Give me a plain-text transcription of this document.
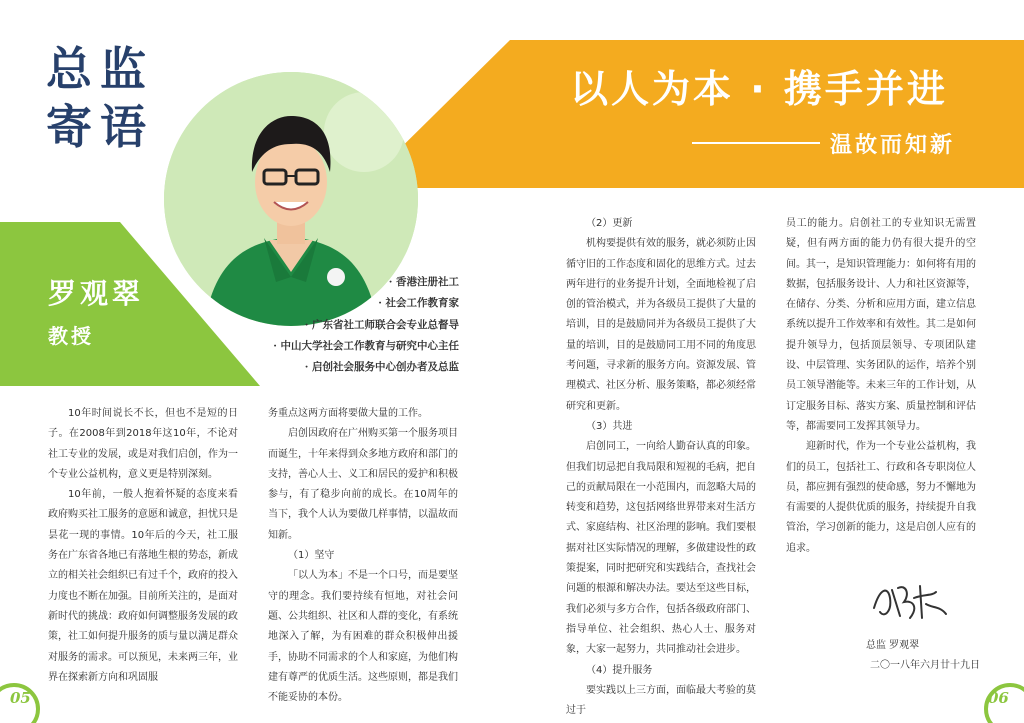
以人为本 · 携手并进
温故而知新
总监
寄语
罗观翠
教授
· 香港注册社工
· 社会工作教育家
· 广东省社工师联合会专业总督导
· 中山大学社会工作教育与研究中心主任
· 启创社会服务中心创办者及总监

10年时间说长不长，但也不是短的日子。在2008年到2018年这10年，不论对社工专业的发展，或是对我们启创，作为一个专业公益机构，意义更是特别深刻。

10年前，一般人抱着怀疑的态度来看政府购买社工服务的意愿和诚意，担忧只是昙花一现的事情。10年后的今天，社工服务在广东省各地已有落地生根的势态，新成立的相关社会组织已有过千个，政府的投入力度也不断在加强。目前所关注的，是面对新时代的挑战：政府如何调整服务发展的政策，社工如何提升服务的质与量以满足群众对服务的需求。可以预见，未来两三年，业界在探索新方向和巩固服

务重点这两方面将要做大量的工作。

启创因政府在广州购买第一个服务项目而诞生，十年来得到众多地方政府和部门的支持，善心人士、义工和居民的爱护和积极参与，有了稳步向前的成长。在10周年的当下，我个人认为要做几样事情，以温故而知新。

（1）坚守

「以人为本」不是一个口号，而是要坚守的理念。我们要持续有恒地，对社会问题、公共组织、社区和人群的变化，有系统地深入了解，为有困难的群众积极伸出援手，协助不同需求的个人和家庭，为他们构建有尊严的优质生活。这些原则，都是我们不能妥协的本份。

（2）更新

机构要提供有效的服务，就必须防止因循守旧的工作态度和固化的思维方式。过去两年进行的业务提升计划，全面地检视了启创的管治模式，并为各级员工提供了大量的培训，目的是鼓励同并为各级员工提供了大量的培训，目的是鼓励同工用不同的角度思考问题，寻求新的服务方向。资源发展、管理模式、社区分析、服务策略，都必须经常研究和更新。

（3）共进

启创同工，一向给人勤奋认真的印象。但我们切忌把自我局限和短视的毛病，把自己的贡献局限在一小范围内，而忽略大局的转变和趋势，这包括网络世界带来对生活方式、家庭结构、社区治理的影响。我们要根据对社区实际情况的理解，多做建设性的政策提案，同时把研究和实践结合，查找社会问题的根源和解决办法。要达至这些目标，我们必须与多方合作，包括各级政府部门、指导单位、社会组织、热心人士、服务对象，大家一起努力，共同推动社会进步。

（4）提升服务

要实践以上三方面，面临最大考验的莫过于

员工的能力。启创社工的专业知识无需置疑，但有两方面的能力仍有很大提升的空间。其一，是知识管理能力：如何将有用的数据，包括服务设计、人力和社区资源等，在储存、分类、分析和应用方面，建立信息系统以提升工作效率和有效性。其二是如何提升领导力，包括顶层领导、专项团队建设、中层管理、实务团队的运作，培养个别员工领导潜能等。未来三年的工作计划，从订定服务目标、落实方案、质量控制和评估等，都需要同工发挥其领导力。

迎新时代，作为一个专业公益机构，我们的员工，包括社工、行政和各专职岗位人员，都应拥有强烈的使命感，努力不懈地为有需要的人提供优质的服务，持续提升自我管治，学习创新的能力，这是启创人应有的追求。

总监 罗观翠
二〇一八年六月廿十九日
05	06
